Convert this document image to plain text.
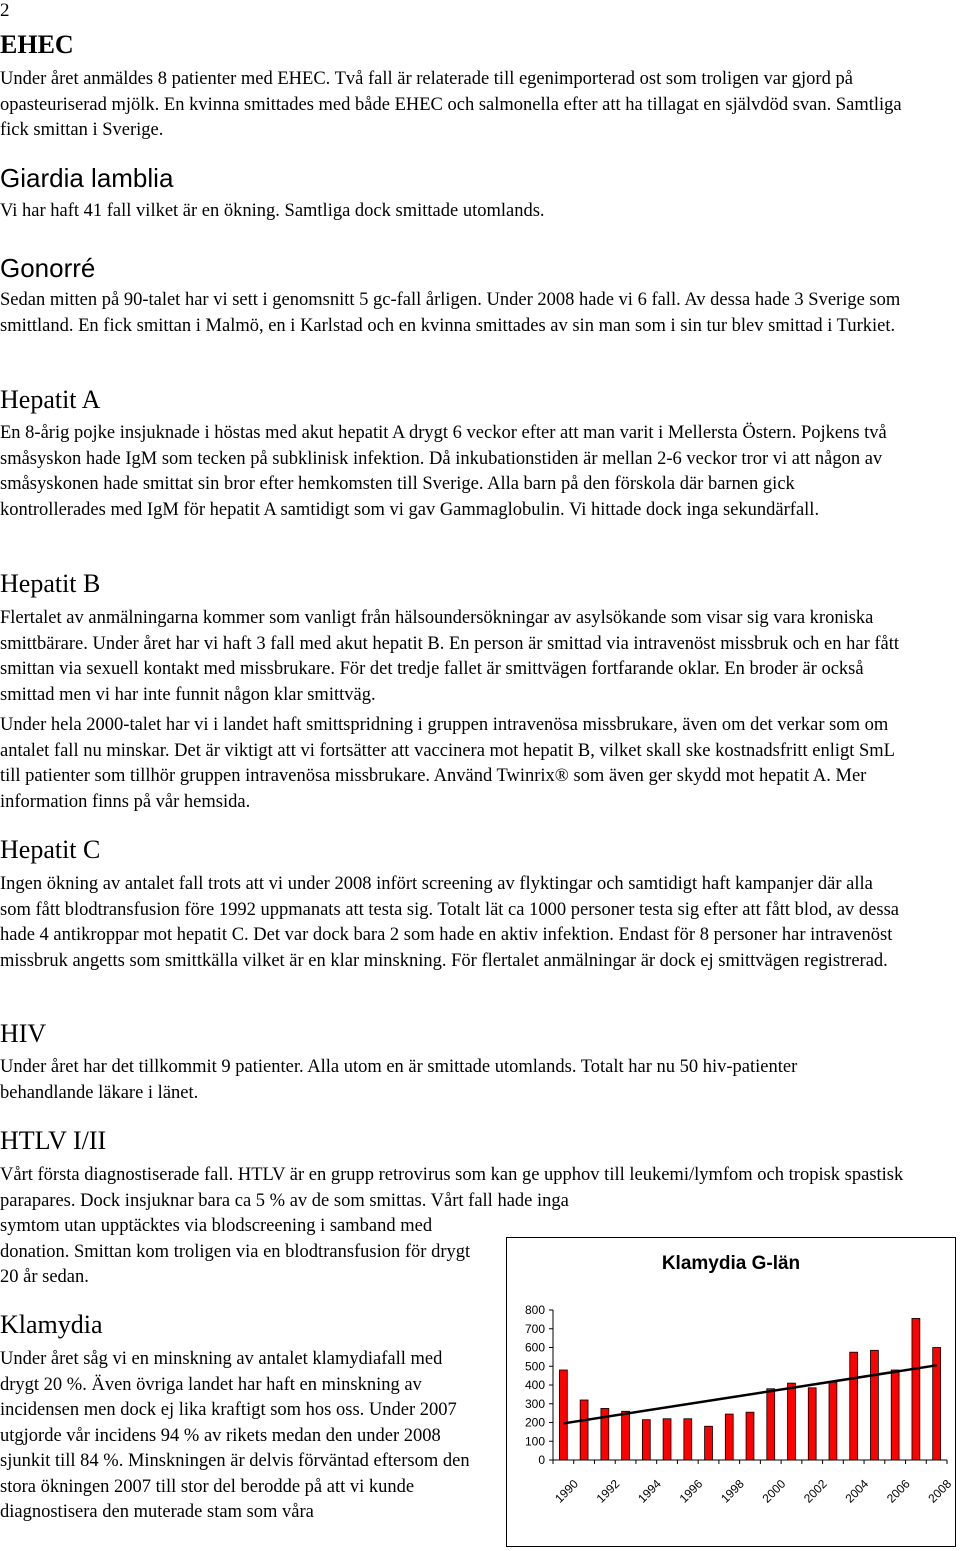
2
EHEC

Under året anmäldes 8 patienter med EHEC. Två fall är relaterade till egenimporterad ost som troligen var gjord på opasteuriserad mjölk. En kvinna smittades med både EHEC och salmonella efter att ha tillagat en självdöd svan. Samtliga fick smittan i Sverige.

Giardia lamblia

Vi har haft 41 fall vilket är en ökning. Samtliga dock smittade utomlands.

Gonorré

Sedan mitten på 90-talet har vi sett i genomsnitt 5 gc-fall årligen. Under 2008 hade vi 6 fall. Av dessa hade 3 Sverige som smittland. En fick smittan i Malmö, en i Karlstad och en kvinna smittades av sin man som i sin tur blev smittad i Turkiet.

Hepatit A

En 8-årig pojke insjuknade i höstas med akut hepatit A drygt 6 veckor efter att man varit i Mellersta Östern. Pojkens två småsyskon hade IgM som tecken på subklinisk infektion. Då inkubationstiden är mellan 2-6 veckor tror vi att någon av småsyskonen hade smittat sin bror efter hemkomsten till Sverige. Alla barn på den förskola där barnen gick kontrollerades med IgM för hepatit A samtidigt som vi gav Gammaglobulin. Vi hittade dock inga sekundärfall.

Hepatit B

Flertalet av anmälningarna kommer som vanligt från hälsoundersökningar av asylsökande som visar sig vara kroniska smittbärare. Under året har vi haft 3 fall med akut hepatit B. En person är smittad via intravenöst missbruk och en har fått smittan via sexuell kontakt med missbrukare. För det tredje fallet är smittvägen fortfarande oklar. En broder är också smittad men vi har inte funnit någon klar smittväg.

Under hela 2000-talet har vi i landet haft smittspridning i gruppen intravenösa missbrukare, även om det verkar som om antalet fall nu minskar. Det är viktigt att vi fortsätter att vaccinera mot hepatit B, vilket skall ske kostnadsfritt enligt SmL till patienter som tillhör gruppen intravenösa missbrukare. Använd Twinrix® som även ger skydd mot hepatit A. Mer information finns på vår hemsida.

Hepatit C

Ingen ökning av antalet fall trots att vi under 2008 infört screening av flyktingar och samtidigt haft kampanjer där alla som fått blodtransfusion före 1992 uppmanats att testa sig. Totalt lät ca 1000 personer testa sig efter att fått blod, av dessa hade 4 antikroppar mot hepatit C. Det var dock bara 2 som hade en aktiv infektion. Endast för 8 personer har intravenöst missbruk angetts som smittkälla vilket är en klar minskning. För flertalet anmälningar är dock ej smittvägen registrerad.

HIV

Under året har det tillkommit 9 patienter. Alla utom en är smittade utomlands. Totalt har nu 50 hiv-patienter behandlande läkare i länet.

HTLV I/II

Vårt första diagnostiserade fall. HTLV är en grupp retrovirus som kan ge upphov till leukemi/lymfom och tropisk spastisk parapares. Dock insjuknar bara ca 5 % av de som smittas. Vårt fall hade inga

symtom utan upptäcktes via blodscreening i samband med donation. Smittan kom troligen via en blodtransfusion för drygt 20 år sedan.

Klamydia

Under året såg vi en minskning av antalet klamydiafall med drygt 20 %. Även övriga landet har haft en minskning av incidensen men dock ej lika kraftigt som hos oss. Under 2007 utgjorde vår incidens 94 % av rikets medan den under 2008 sjunkit till 84 %. Minskningen är delvis förväntad eftersom den stora ökningen 2007 till stor del berodde på att vi kunde diagnostisera den muterade stam som våra

Klamydia G-län
0
100
200
300
400
500
600
700
800
1990 1992 1994 1996 1998 2000 2002 2004 2006 2008
